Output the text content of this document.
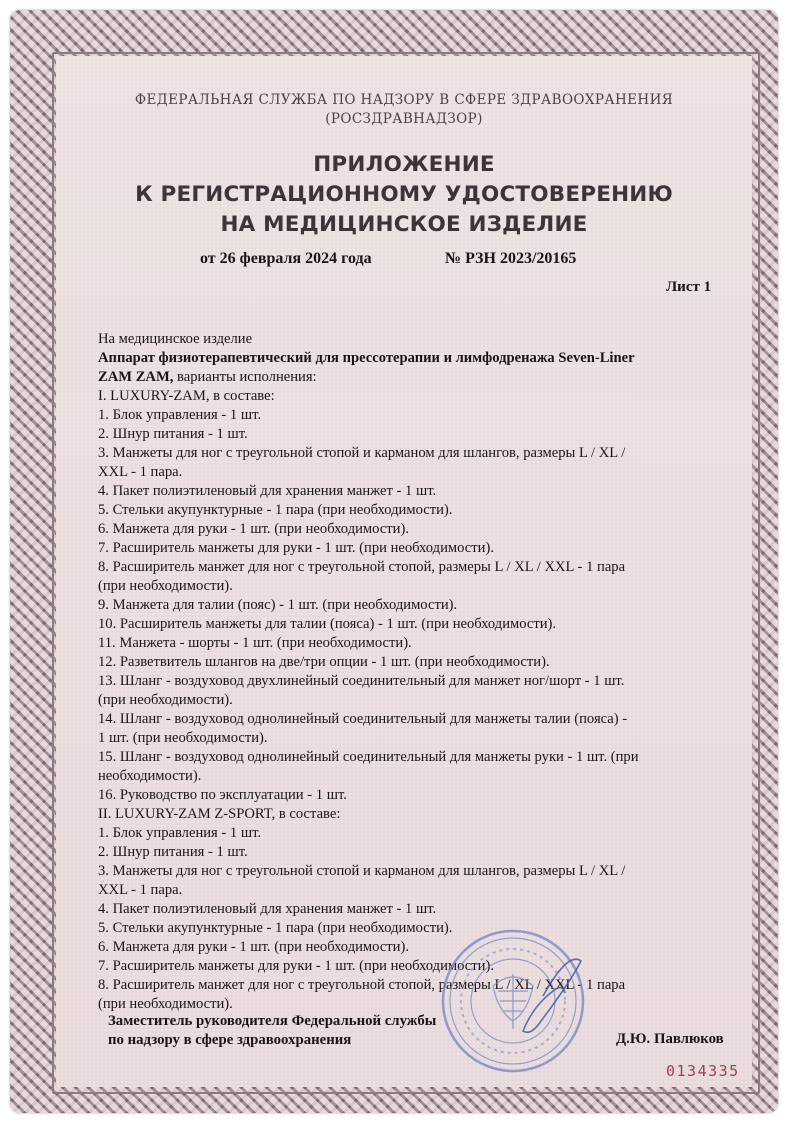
ФЕДЕРАЛЬНАЯ СЛУЖБА ПО НАДЗОРУ В СФЕРЕ ЗДРАВООХРАНЕНИЯ
(РОСЗДРАВНАДЗОР)
ПРИЛОЖЕНИЕ
К РЕГИСТРАЦИОННОМУ УДОСТОВЕРЕНИЮ
НА МЕДИЦИНСКОЕ ИЗДЕЛИЕ
от 26 февраля 2024 года	№ РЗН 2023/20165
Лист 1
На медицинское изделие
Аппарат физиотерапевтический для прессотерапии и лимфодренажа Seven-Liner
ZAM ZAM, варианты исполнения:
I. LUXURY-ZAM, в составе:
1. Блок управления - 1 шт.
2. Шнур питания - 1 шт.
3. Манжеты для ног с треугольной стопой и карманом для шлангов, размеры L / XL /
XXL - 1 пара.
4. Пакет полиэтиленовый для хранения манжет - 1 шт.
5. Стельки акупунктурные - 1 пара (при необходимости).
6. Манжета для руки - 1 шт. (при необходимости).
7. Расширитель манжеты для руки - 1 шт. (при необходимости).
8. Расширитель манжет для ног с треугольной стопой, размеры L / XL / XXL - 1 пара
(при необходимости).
9. Манжета для талии (пояс) - 1 шт. (при необходимости).
10. Расширитель манжеты для талии (пояса) - 1 шт. (при необходимости).
11. Манжета - шорты - 1 шт. (при необходимости).
12. Разветвитель шлангов на две/три опции - 1 шт. (при необходимости).
13. Шланг - воздуховод двухлинейный соединительный для манжет ног/шорт - 1 шт.
(при необходимости).
14. Шланг - воздуховод однолинейный соединительный для манжеты талии (пояса) -
1 шт. (при необходимости).
15. Шланг - воздуховод однолинейный соединительный для манжеты руки - 1 шт. (при
необходимости).
16. Руководство по эксплуатации - 1 шт.
II. LUXURY-ZAM Z-SPORT, в составе:
1. Блок управления - 1 шт.
2. Шнур питания - 1 шт.
3. Манжеты для ног с треугольной стопой и карманом для шлангов, размеры L / XL /
XXL - 1 пара.
4. Пакет полиэтиленовый для хранения манжет - 1 шт.
5. Стельки акупунктурные - 1 пара (при необходимости).
6. Манжета для руки - 1 шт. (при необходимости).
7. Расширитель манжеты для руки - 1 шт. (при необходимости).
8. Расширитель манжет для ног с треугольной стопой, размеры L / XL / XXL - 1 пара
(при необходимости).
Заместитель руководителя Федеральной службы
по надзору в сфере здравоохранения	Д.Ю. Павлюков
0134335
